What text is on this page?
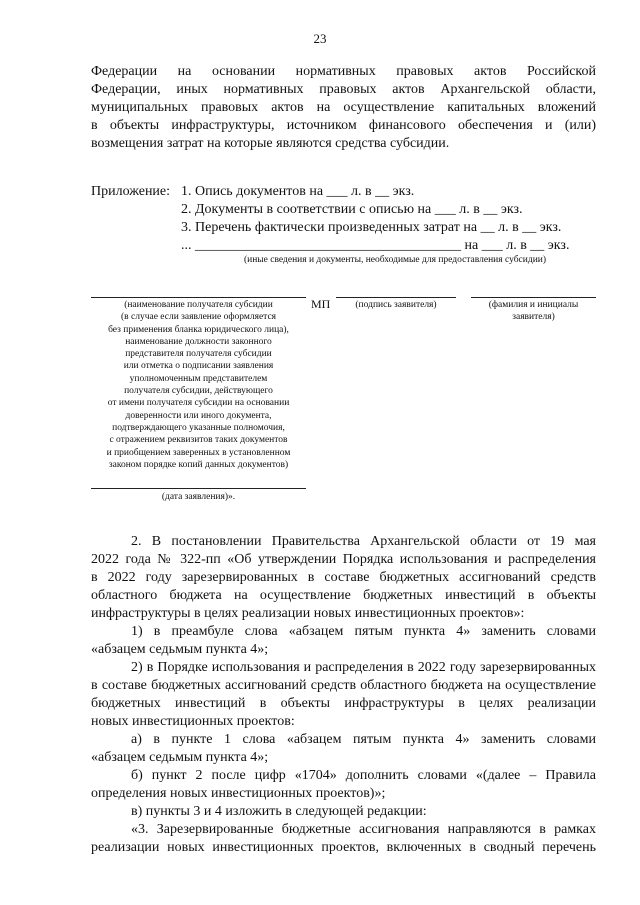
23
Федерации на основании нормативных правовых актов Российской
Федерации, иных нормативных правовых актов Архангельской области,
муниципальных правовых актов на осуществление капитальных вложений
в объекты инфраструктуры, источником финансового обеспечения и (или)
возмещения затрат на которые являются средства субсидии.
Приложение: 1. Опись документов на ___ л. в __ экз.
2. Документы в соответствии с описью на ___ л. в __ экз.
3. Перечень фактически произведенных затрат на __ л. в __ экз.
... ______________________________________ на ___ л. в __ экз.
(иные сведения и документы, необходимые для предоставления субсидии)
(наименование получателя субсидии
(в случае если заявление оформляется
без применения бланка юридического лица),
наименование должности законного
представителя получателя субсидии
или отметка о подписании заявления
уполномоченным представителем
получателя субсидии, действующего
от имени получателя субсидии на основании
доверенности или иного документа,
подтверждающего указанные полномочия,
с отражением реквизитов таких документов
и приобщением заверенных в установленном
законом порядке копий данных документов)
МП	(подпись заявителя)	(фамилия и инициалы
заявителя)
(дата заявления)».
2. В постановлении Правительства Архангельской области от 19 мая
2022 года № 322-пп «Об утверждении Порядка использования и распределения
в 2022 году зарезервированных в составе бюджетных ассигнований средств
областного бюджета на осуществление бюджетных инвестиций в объекты
инфраструктуры в целях реализации новых инвестиционных проектов»:
1) в преамбуле слова «абзацем пятым пункта 4» заменить словами
«абзацем седьмым пункта 4»;
2) в Порядке использования и распределения в 2022 году зарезервированных
в составе бюджетных ассигнований средств областного бюджета на осуществление
бюджетных инвестиций в объекты инфраструктуры в целях реализации
новых инвестиционных проектов:
а) в пункте 1 слова «абзацем пятым пункта 4» заменить словами
«абзацем седьмым пункта 4»;
б) пункт 2 после цифр «1704» дополнить словами «(далее – Правила
определения новых инвестиционных проектов)»;
в) пункты 3 и 4 изложить в следующей редакции:
«3. Зарезервированные бюджетные ассигнования направляются в рамках
реализации новых инвестиционных проектов, включенных в сводный перечень
